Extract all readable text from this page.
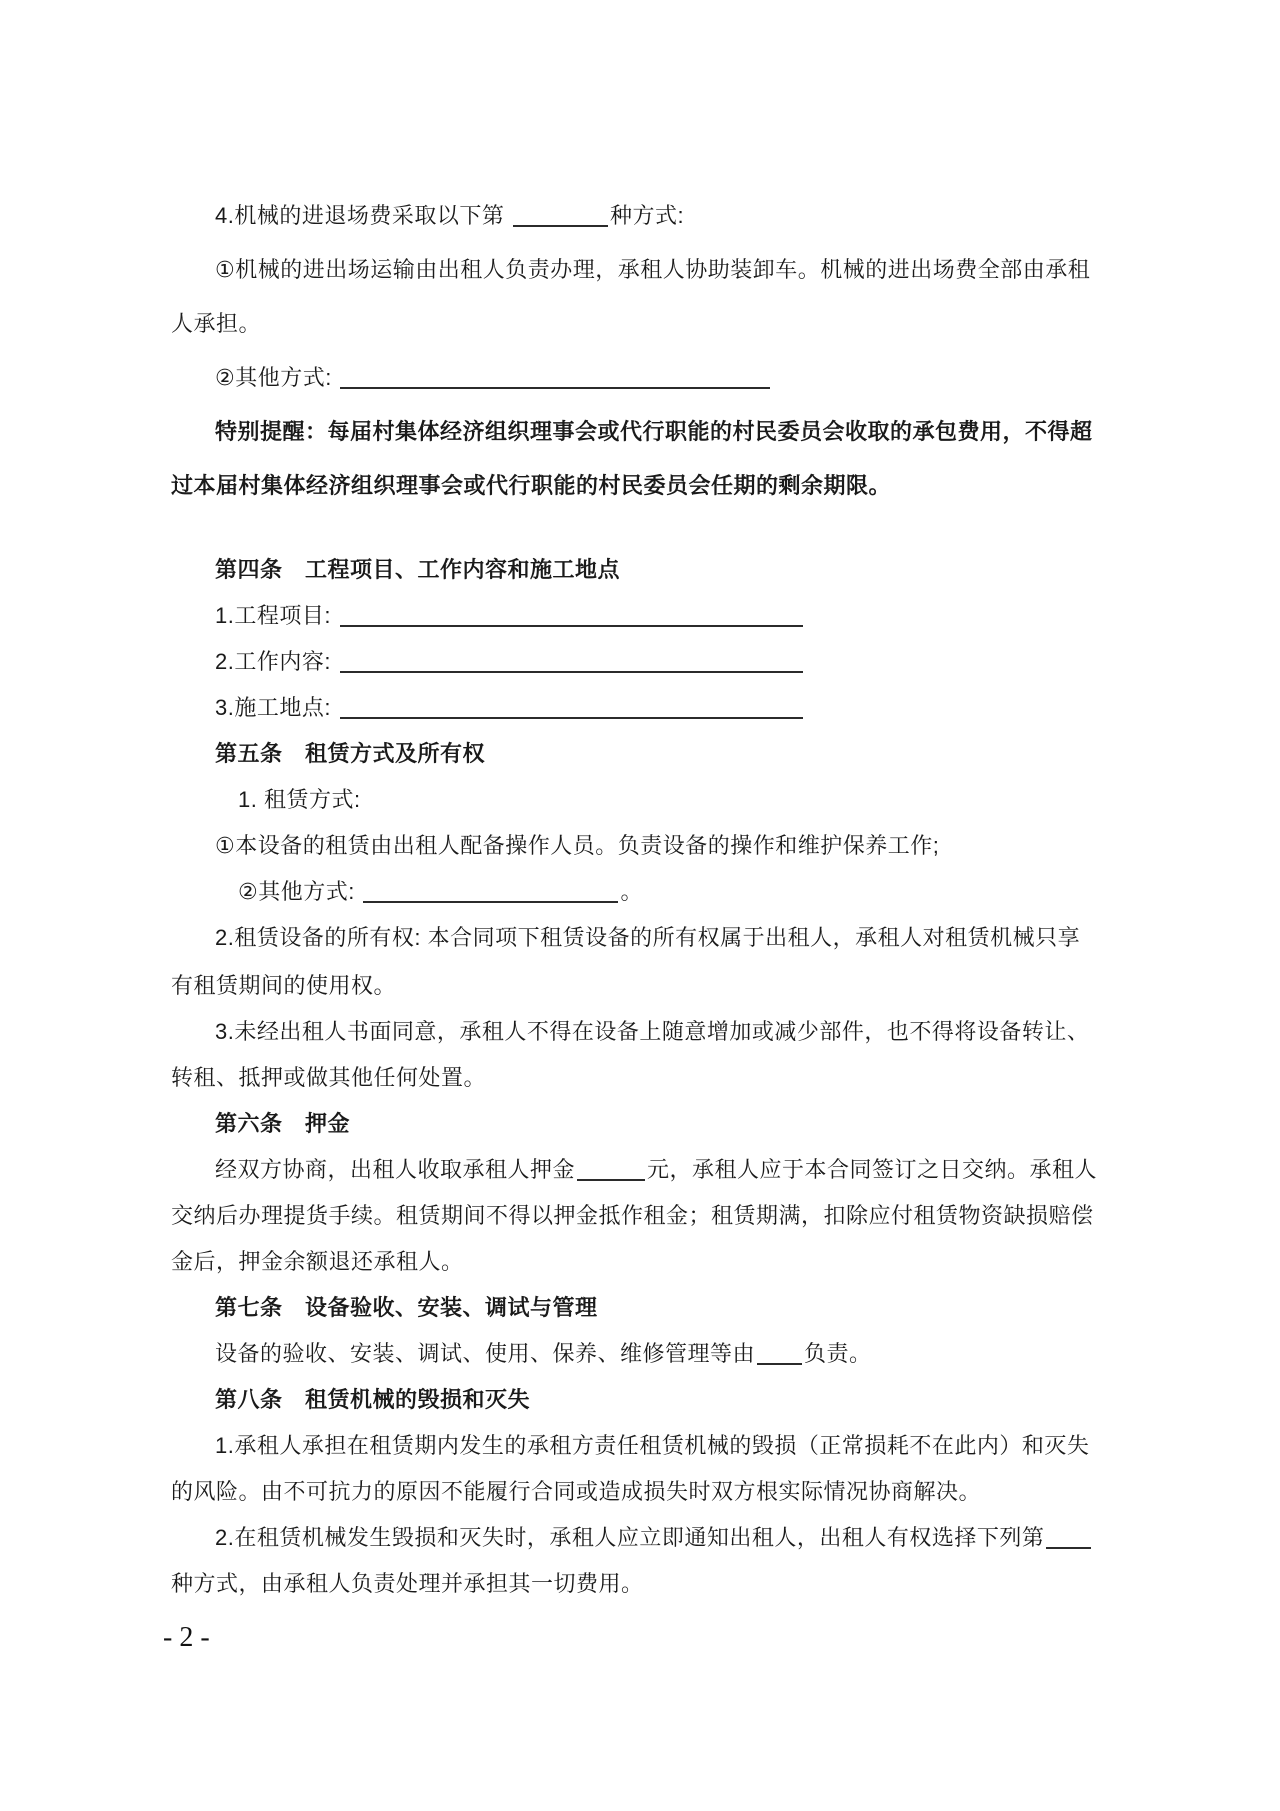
- 2 -
4.机械的进退场费采取以下第	种方式:
①机械的进出场运输由出租人负责办理，承租人协助装卸车。机械的进出场费全部由承租
人承担。
②其他方式:
特别提醒：每届村集体经济组织理事会或代行职能的村民委员会收取的承包费用，不得超
过本届村集体经济组织理事会或代行职能的村民委员会任期的剩余期限。
第四条　工程项目、工作内容和施工地点
1.工程项目:
2.工作内容:
3.施工地点:
第五条　租赁方式及所有权
1. 租赁方式:
①本设备的租赁由出租人配备操作人员。负责设备的操作和维护保养工作;
②其他方式:	。
2.租赁设备的所有权: 本合同项下租赁设备的所有权属于出租人，承租人对租赁机械只享
有租赁期间的使用权。
3.未经出租人书面同意，承租人不得在设备上随意增加或减少部件，也不得将设备转让、
转租、抵押或做其他任何处置。
第六条　押金
经双方协商，出租人收取承租人押金	元，承租人应于本合同签订之日交纳。承租人
交纳后办理提货手续。租赁期间不得以押金抵作租金；租赁期满，扣除应付租赁物资缺损赔偿
金后，押金余额退还承租人。
第七条　设备验收、安装、调试与管理
设备的验收、安装、调试、使用、保养、维修管理等由 负责。
第八条　租赁机械的毁损和灭失
1.承租人承担在租赁期内发生的承租方责任租赁机械的毁损（正常损耗不在此内）和灭失
的风险。由不可抗力的原因不能履行合同或造成损失时双方根实际情况协商解决。
2.在租赁机械发生毁损和灭失时，承租人应立即通知出租人，出租人有权选择下列第
种方式，由承租人负责处理并承担其一切费用。
